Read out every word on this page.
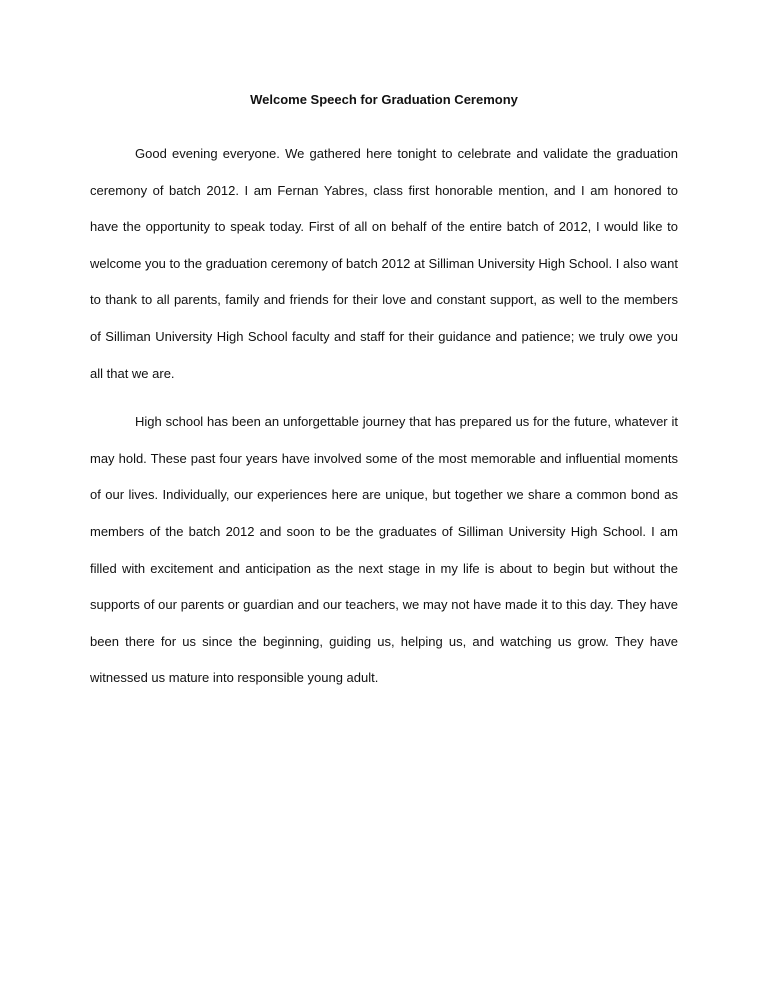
Welcome Speech for Graduation Ceremony

Good evening everyone. We gathered here tonight to celebrate and validate the graduation ceremony of batch 2012. I am Fernan Yabres, class first honorable mention, and I am honored to have the opportunity to speak today. First of all on behalf of the entire batch of 2012, I would like to welcome you to the graduation ceremony of batch 2012 at Silliman University High School. I also want to thank to all parents, family and friends for their love and constant support, as well to the members of Silliman University High School faculty and staff for their guidance and patience; we truly owe you all that we are.

High school has been an unforgettable journey that has prepared us for the future, whatever it may hold. These past four years have involved some of the most memorable and influential moments of our lives. Individually, our experiences here are unique, but together we share a common bond as members of the batch 2012 and soon to be the graduates of Silliman University High School. I am filled with excitement and anticipation as the next stage in my life is about to begin but without the supports of our parents or guardian and our teachers, we may not have made it to this day. They have been there for us since the beginning, guiding us, helping us, and watching us grow. They have witnessed us mature into responsible young adult.
